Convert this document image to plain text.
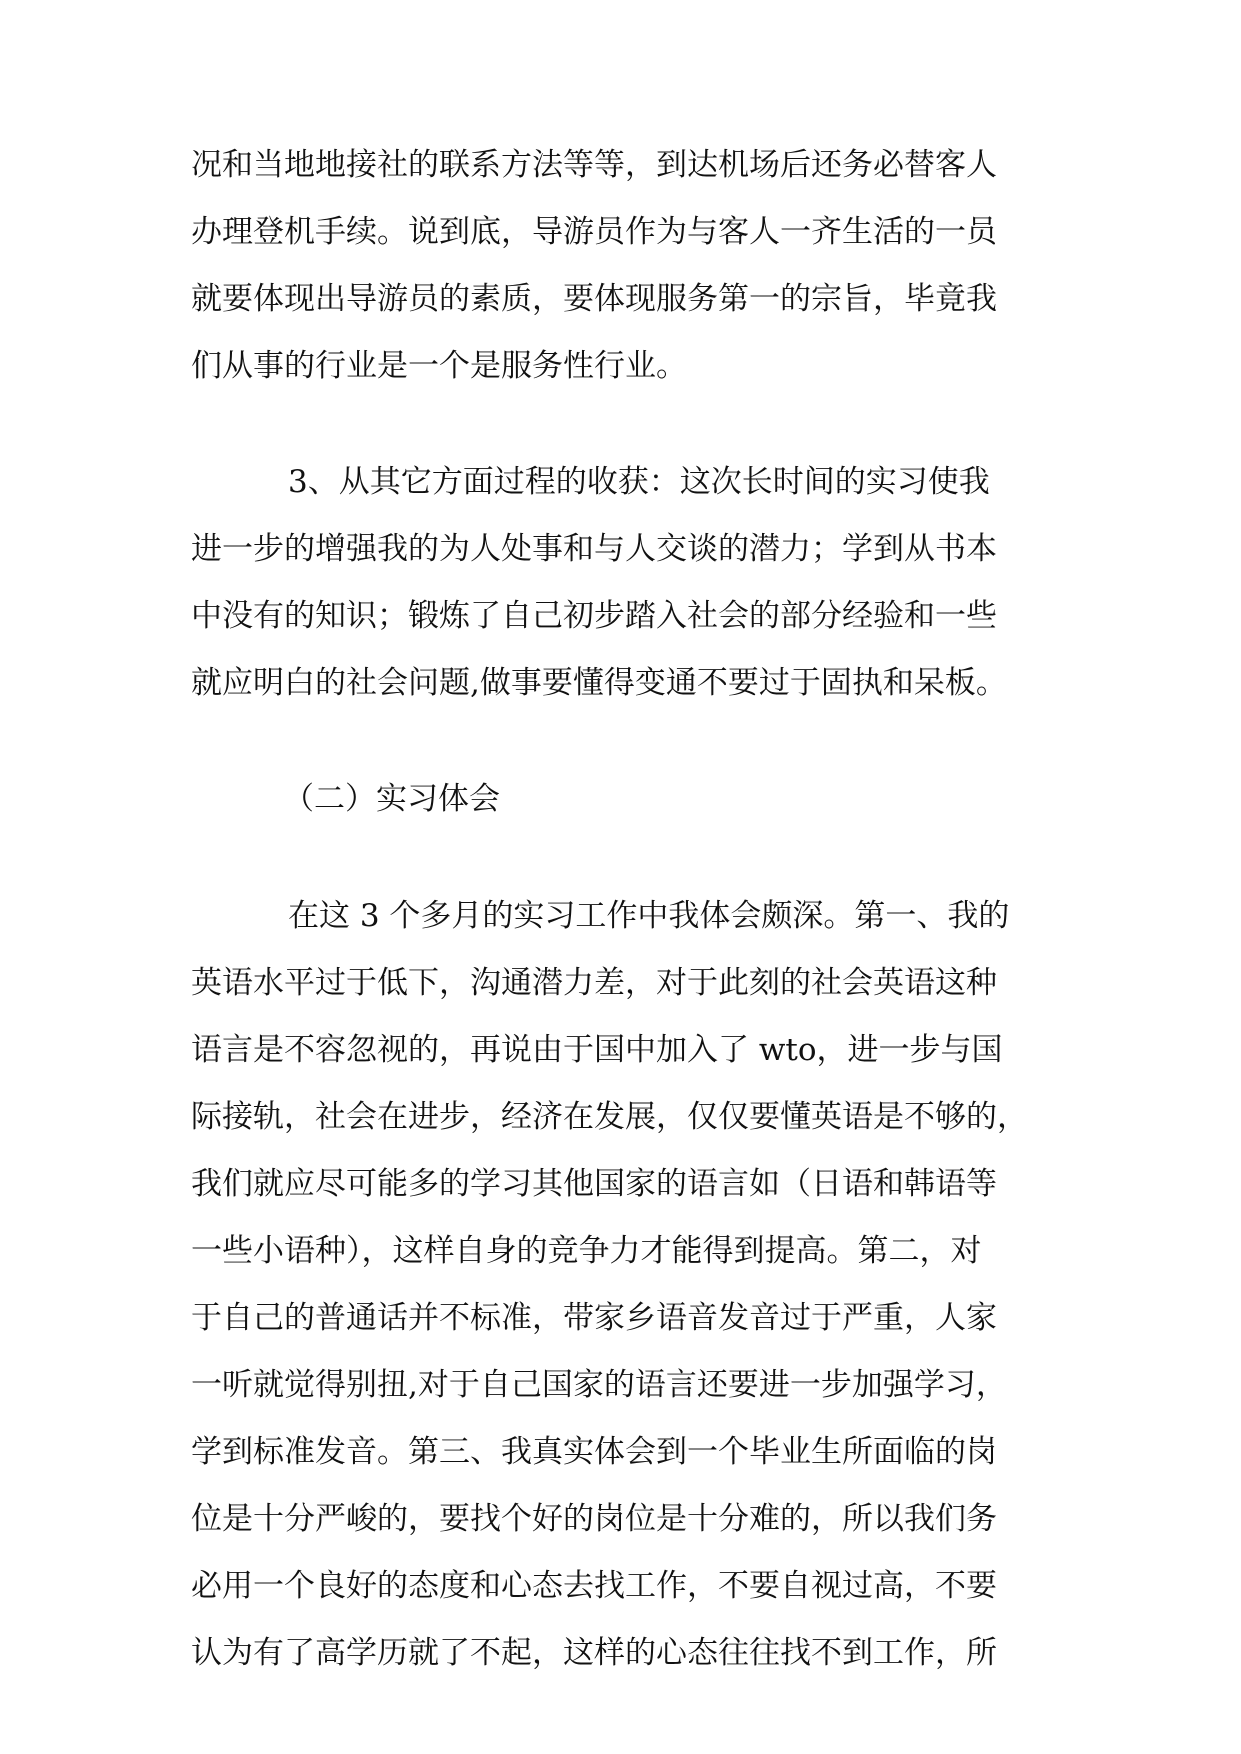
况和当地地接社的联系方法等等，到达机场后还务必替客人
办理登机手续。说到底，导游员作为与客人一齐生活的一员
就要体现出导游员的素质，要体现服务第一的宗旨，毕竟我
们从事的行业是一个是服务性行业。
3、从其它方面过程的收获：这次长时间的实习使我
进一步的增强我的为人处事和与人交谈的潜力；学到从书本
中没有的知识；锻炼了自己初步踏入社会的部分经验和一些
就应明白的社会问题,做事要懂得变通不要过于固执和呆板。
（二）实习体会
在这 3 个多月的实习工作中我体会颇深。第一、我的
英语水平过于低下，沟通潜力差，对于此刻的社会英语这种
语言是不容忽视的，再说由于国中加入了 wto，进一步与国
际接轨，社会在进步，经济在发展，仅仅要懂英语是不够的，
我们就应尽可能多的学习其他国家的语言如（日语和韩语等
一些小语种），这样自身的竞争力才能得到提高。第二，对
于自己的普通话并不标准，带家乡语音发音过于严重，人家
一听就觉得别扭,对于自己国家的语言还要进一步加强学习，
学到标准发音。第三、我真实体会到一个毕业生所面临的岗
位是十分严峻的，要找个好的岗位是十分难的，所以我们务
必用一个良好的态度和心态去找工作，不要自视过高，不要
认为有了高学历就了不起，这样的心态往往找不到工作，所
